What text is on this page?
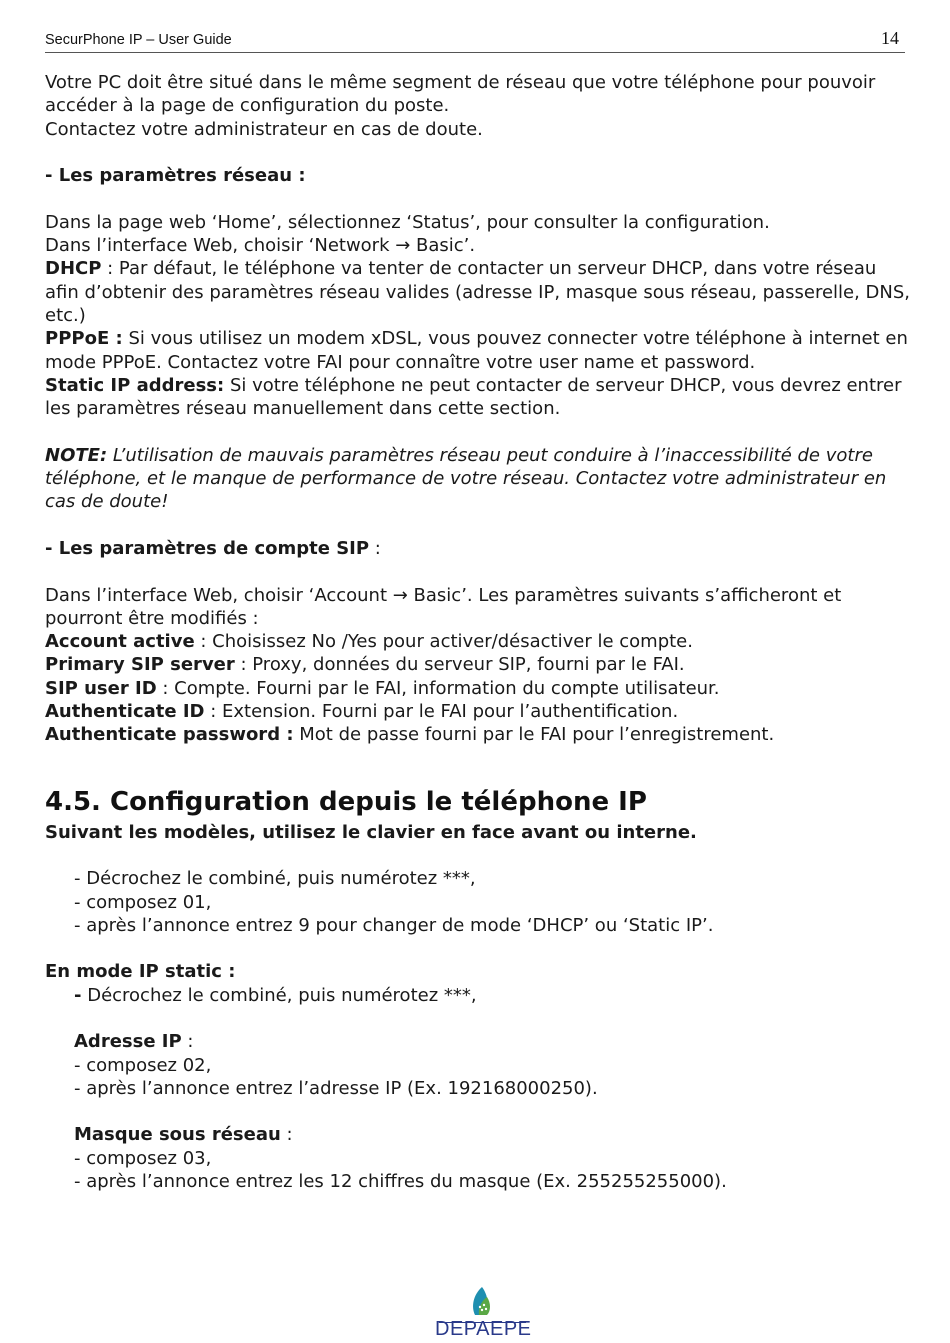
SecurPhone IP – User Guide	14

Votre PC doit être situé dans le même segment de réseau que votre téléphone pour pouvoir accéder à la page de configuration du poste.

Contactez votre administrateur en cas de doute.

- Les paramètres réseau :

Dans la page web ‘Home’, sélectionnez ‘Status’, pour consulter la configuration.

Dans l’interface Web, choisir ‘Network → Basic’.

DHCP : Par défaut, le téléphone va tenter de contacter un serveur DHCP, dans votre réseau afin d’obtenir des paramètres réseau valides (adresse IP, masque sous réseau, passerelle, DNS, etc.)

PPPoE : Si vous utilisez un modem xDSL, vous pouvez connecter votre téléphone à internet en mode PPPoE. Contactez votre FAI pour connaître votre user name et password.

Static IP address: Si votre téléphone ne peut contacter de serveur DHCP, vous devrez entrer les paramètres réseau manuellement dans cette section.

NOTE: L’utilisation de mauvais paramètres réseau peut conduire à l’inaccessibilité de votre téléphone, et le manque de performance de votre réseau. Contactez votre administrateur en cas de doute!

- Les paramètres de compte SIP :

Dans l’interface Web, choisir ‘Account → Basic’. Les paramètres suivants s’afficheront et pourront être modifiés :

Account active : Choisissez No /Yes pour activer/désactiver le compte.

Primary SIP server : Proxy, données du serveur SIP, fourni par le FAI.

SIP user ID : Compte. Fourni par le FAI, information du compte utilisateur.

Authenticate ID : Extension. Fourni par le FAI pour l’authentification.

Authenticate password : Mot de passe fourni par le FAI pour l’enregistrement.

4.5. Configuration depuis le téléphone IP

Suivant les modèles, utilisez le clavier en face avant ou interne.

- Décrochez le combiné, puis numérotez ***,

- composez 01,

- après l’annonce entrez 9 pour changer de mode ‘DHCP’ ou ‘Static IP’.

En mode IP static :

- Décrochez le combiné, puis numérotez ***,

Adresse IP :

- composez 02,

- après l’annonce entrez l’adresse IP (Ex. 192168000250).

Masque sous réseau :

- composez 03,

- après l’annonce entrez les 12 chiffres du masque (Ex. 255255255000).

DEPAEPE
